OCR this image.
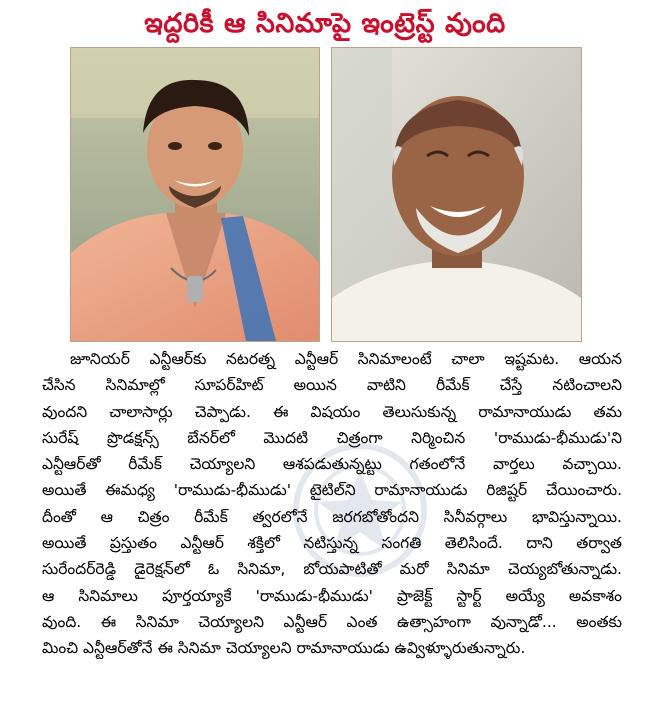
ఇద్దరికీ ఆ సినిమాపై ఇంట్రెస్ట్ వుంది
జూనియర్ ఎన్టీఆర్‌కు నటరత్న ఎన్టీఆర్ సినిమాలంటే చాలా ఇష్టమట. ఆయన
చేసిన సినిమాల్లో సూపర్‌హిట్ అయిన వాటిని రీమేక్ చేస్తే నటించాలని
వుందని చాలాసార్లు చెప్పాడు. ఈ విషయం తెలుసుకున్న రామానాయుడు తమ
సురేష్ ప్రొడక్షన్స్ బేనర్‌లో మొదటి చిత్రంగా నిర్మించిన 'రాముడు-భీముడు'ని
ఎన్టీఆర్‌తో రీమేక్ చెయ్యాలని ఆశపడుతున్నట్టు గతంలోనే వార్తలు వచ్చాయి.
అయితే ఈమధ్య 'రాముడు-భీముడు' టైటిల్‌ని రామానాయుడు రిజిష్టర్ చేయించారు.
దీంతో ఆ చిత్రం రీమేక్ త్వరలోనే జరగబోతోందని సినీవర్గాలు భావిస్తున్నాయి.
అయితే ప్రస్తుతం ఎన్టీఆర్ శక్తిలో నటిస్తున్న సంగతి తెలిసిందే. దాని తర్వాత
సురేందర్‌రెడ్డి డైరెక్షన్‌లో ఓ సినిమా, బోయపాటితో మరో సినిమా చెయ్యబోతున్నాడు.
ఆ సినిమాలు పూర్తయ్యాకే 'రాముడు-భీముడు' ప్రాజెక్ట్ స్టార్ట్ అయ్యే అవకాశం
వుంది. ఈ సినిమా చెయ్యాలని ఎన్టీఆర్ ఎంత ఉత్సాహంగా వున్నాడో... అంతకు
మించి ఎన్టీఆర్‌తోనే ఈ సినిమా చెయ్యాలని రామానాయుడు ఉవ్విళ్ళూరుతున్నారు.
